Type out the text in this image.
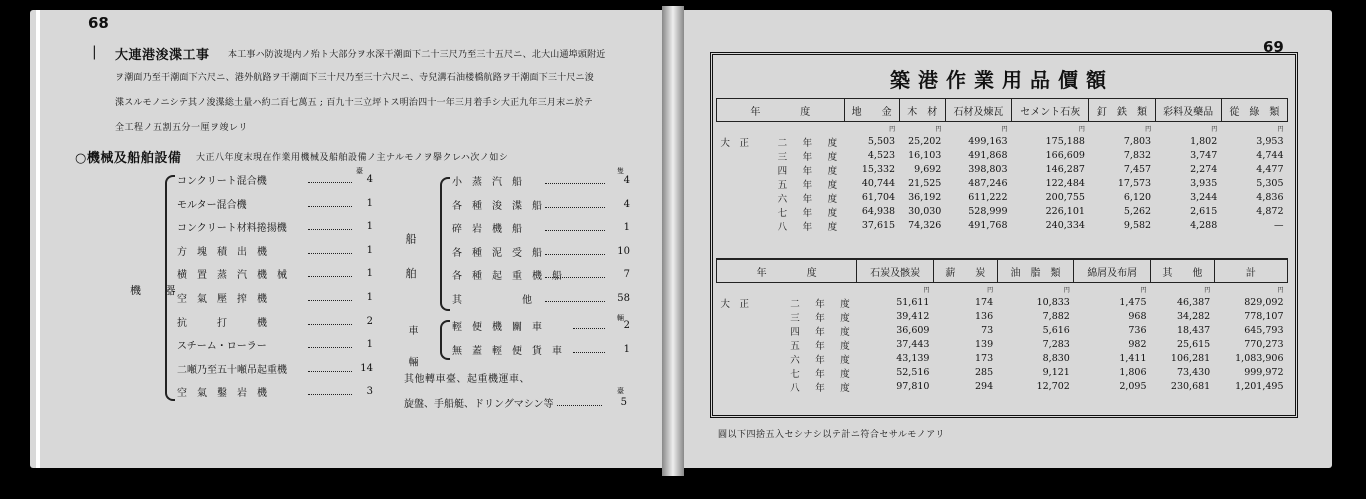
68
| 大連港浚渫工事 本工事ハ防波堤内ノ殆ト大部分ヲ水深干潮面下二十三尺乃至三十五尺ニ、北大山通埠頭附近
ヲ潮面乃至干潮面下六尺ニ、港外航路ヲ干潮面下三十尺乃至三十六尺ニ、寺兒溝石油楼橋航路ヲ干潮面下三十尺ニ浚
渫スルモノニシテ其ノ浚渫総土量ハ約二百七萬五 ; 百九十三立坪トス明治四十一年三月着手シ大正九年三月末ニ於テ
全工程ノ五割五分一厘ヲ竣レリ
○機械及船舶設備 大正八年度末現在作業用機械及船舶設備ノ主ナルモノヲ擧クレハ次ノ如シ
臺
機　　器
コンクリート混合機	4
モルター混合機	1
コンクリート材料捲揚機	1
方　塊　積　出　機	1
横　置　蒸　汽　機　械	1
空　氣　壓　搾　機	1
抗　　　打　　　機	2
スチーム・ローラー	1
二噸乃至五十噸吊起重機	14
空　氣　鑿　岩　機	3
隻
船　　舶
小　蒸　汽　船	4
各　種　浚　渫　船	4
碎　岩　機　船	1
各　種　泥　受　船	10
各　種　起　重　機　船	7
其　　　　　　他	58
輛
車　　輛	輕　便　機　關　車	2
無　蓋　輕　便　貨　車	1
其他轉車臺、起重機運車、
臺
旋盤、手船艇、ドリングマシン等	5
69
築港作業用品價額
年　　　　度		地　　金	木　材	石材及煉瓦	セメント石灰	釘　鉄　類	彩料及藥品	從　綠　類
		円	円	円	円	円	円	円
大　正	二　年　度	5,503	25,202	499,163	175,188	7,803	1,802	3,953
	三　年　度	4,523	16,103	491,868	166,609	7,832	3,747	4,744
	四　年　度	15,332	9,692	398,803	146,287	7,457	2,274	4,477
	五　年　度	40,744	21,525	487,246	122,484	17,573	3,935	5,305
	六　年　度	61,704	36,192	611,222	200,755	6,120	3,244	4,836
	七　年　度	64,938	30,030	528,999	226,101	5,262	2,615	4,872
	八　年　度	37,615	74,326	491,768	240,334	9,582	4,288	—
年　　　　度		石炭及骸炭	薪　　炭	油　脂　類	綿屑及布屑	其　　他	計
		円	円	円	円	円	円
大　正	二　年　度	51,611	174	10,833	1,475	46,387	829,092
	三　年　度	39,412	136	7,882	968	34,282	778,107
	四　年　度	36,609	73	5,616	736	18,437	645,793
	五　年　度	37,443	139	7,283	982	25,615	770,273
	六　年　度	43,139	173	8,830	1,411	106,281	1,083,906
	七　年　度	52,516	285	9,121	1,806	73,430	999,972
	八　年　度	97,810	294	12,702	2,095	230,681	1,201,495
圓以下四捨五入セシナシ以テ計ニ符合セサルモノアリ
